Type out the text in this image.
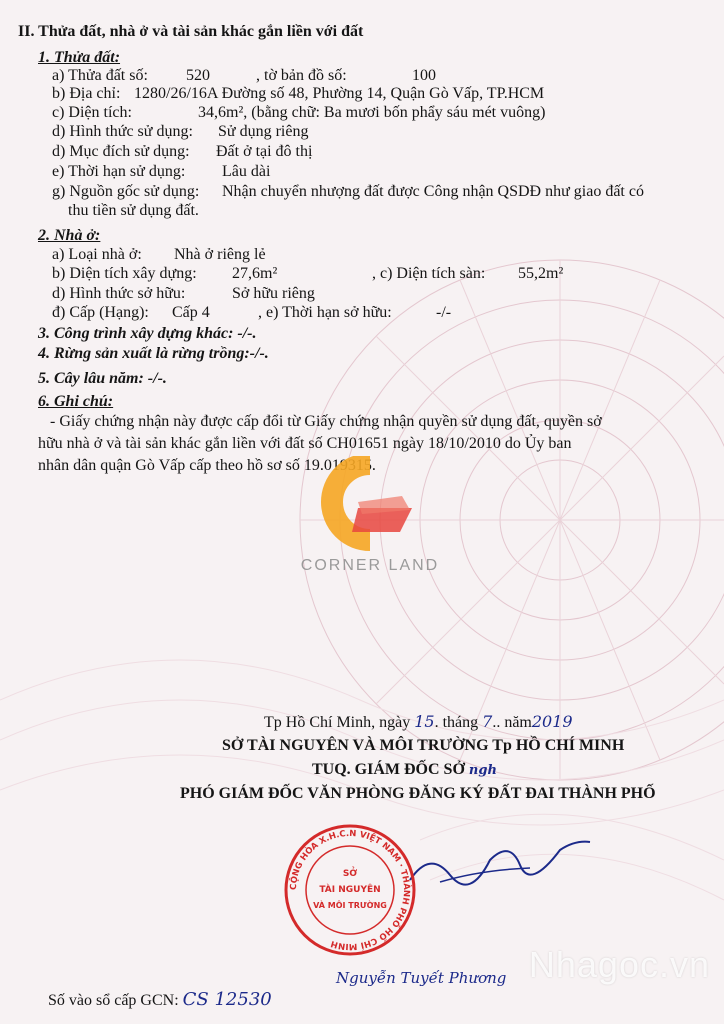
II. Thửa đất, nhà ở và tài sản khác gắn liền với đất
1. Thửa đất:
a) Thửa đất số: 520	, tờ bản đồ số:	100
b) Địa chỉ: 1280/26/16A Đường số 48, Phường 14, Quận Gò Vấp, TP.HCM
c) Diện tích:	34,6m², (bằng chữ: Ba mươi bốn phẩy sáu mét vuông)
d) Hình thức sử dụng: Sử dụng riêng
d) Mục đích sử dụng: Đất ở tại đô thị
e) Thời hạn sử dụng: Lâu dài
g) Nguồn gốc sử dụng: Nhận chuyển nhượng đất được Công nhận QSDĐ như giao đất có
thu tiền sử dụng đất.
2. Nhà ở:
a) Loại nhà ở: Nhà ở riêng lẻ
b) Diện tích xây dựng: 27,6m²	, c) Diện tích sàn: 55,2m²
d) Hình thức sở hữu:	Sở hữu riêng
đ) Cấp (Hạng): Cấp 4	, e) Thời hạn sở hữu:	-/-
3. Công trình xây dựng khác: -/-.
4. Rừng sản xuất là rừng trồng:-/-.
5. Cây lâu năm: -/-.
6. Ghi chú:
- Giấy chứng nhận này được cấp đổi từ Giấy chứng nhận quyền sử dụng đất, quyền sở
hữu nhà ở và tài sản khác gắn liền với đất số CH01651 ngày 18/10/2010 do Ủy ban
nhân dân quận Gò Vấp cấp theo hồ sơ số 19.019315.
Tp Hồ Chí Minh, ngày 15. tháng 7.. năm2019
SỞ TÀI NGUYÊN VÀ MÔI TRƯỜNG Tp HỒ CHÍ MINH
TUQ. GIÁM ĐỐC SỞ ngh
PHÓ GIÁM ĐỐC VĂN PHÒNG ĐĂNG KÝ ĐẤT ĐAI THÀNH PHỐ
Nguyễn Tuyết Phương
Số vào sổ cấp GCN: CS 12530
CỘNG HÒA X.H.C.N VIỆT NAM · THÀNH PHỐ HỒ CHÍ MINH
SỞ
TÀI NGUYÊN
VÀ MÔI TRƯỜNG
CORNER LAND
Nhagoc.vn
